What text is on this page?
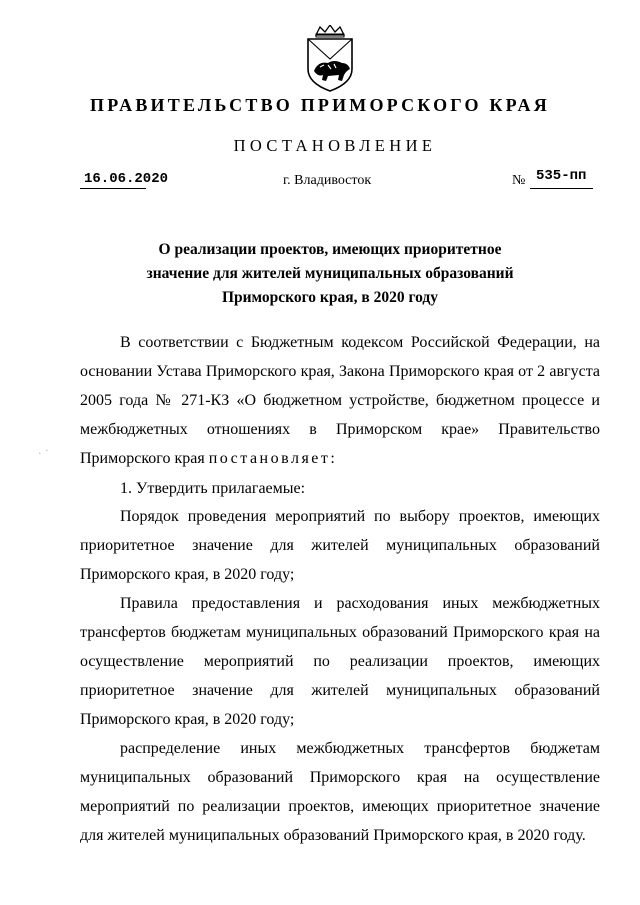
ПРАВИТЕЛЬСТВО ПРИМОРСКОГО КРАЯ
ПОСТАНОВЛЕНИЕ
16.06.2020	г. Владивосток	№ 535-пп
О реализации проектов, имеющих приоритетное
значение для жителей муниципальных образований
Приморского края, в 2020 году
В соответствии с Бюджетным кодексом Российской Федерации, на основании Устава Приморского края, Закона Приморского края от 2 августа 2005 года № 271-КЗ «О бюджетном устройстве, бюджетном процессе и межбюджетных отношениях в Приморском крае» Правительство Приморского края постановляет:
1. Утвердить прилагаемые:
Порядок проведения мероприятий по выбору проектов, имеющих приоритетное значение для жителей муниципальных образований Приморского края, в 2020 году;
Правила предоставления и расходования иных межбюджетных трансфертов бюджетам муниципальных образований Приморского края на осуществление мероприятий по реализации проектов, имеющих приоритетное значение для жителей муниципальных образований Приморского края, в 2020 году;
распределение иных межбюджетных трансфертов бюджетам муниципальных образований Приморского края на осуществление мероприятий по реализации проектов, имеющих приоритетное значение для жителей муниципальных образований Приморского края, в 2020 году.
. ·
